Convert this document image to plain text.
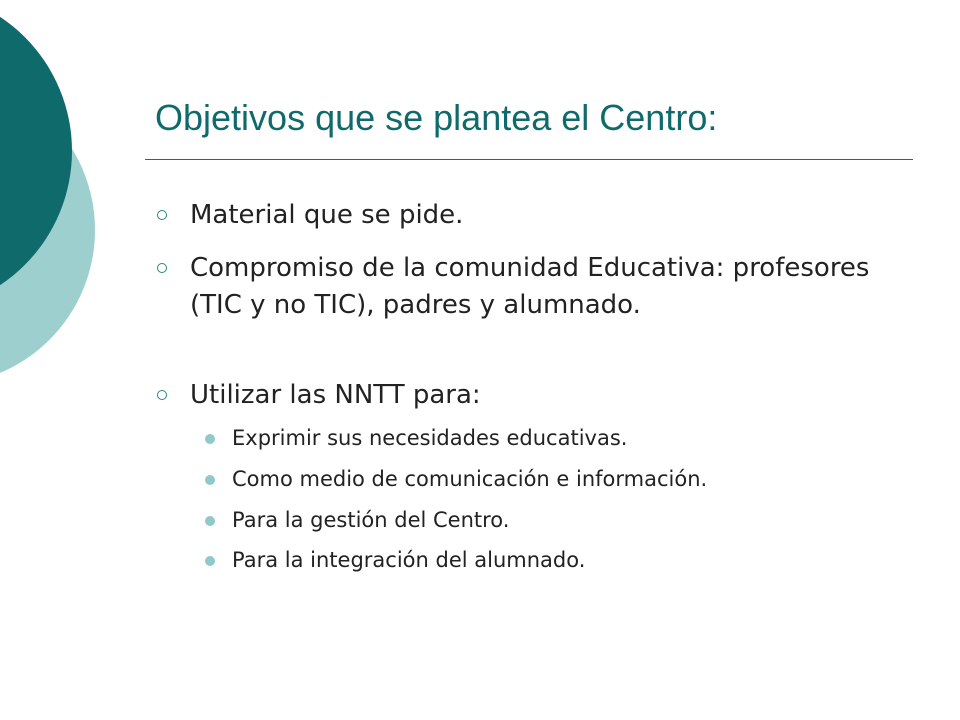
Objetivos que se plantea el Centro:
Material que se pide.
Compromiso de la comunidad Educativa: profesores (TIC y no TIC), padres y alumnado.
Utilizar las NNTT para:
Exprimir sus necesidades educativas.
Como medio de comunicación e información.
Para la gestión del Centro.
Para la integración del alumnado.
